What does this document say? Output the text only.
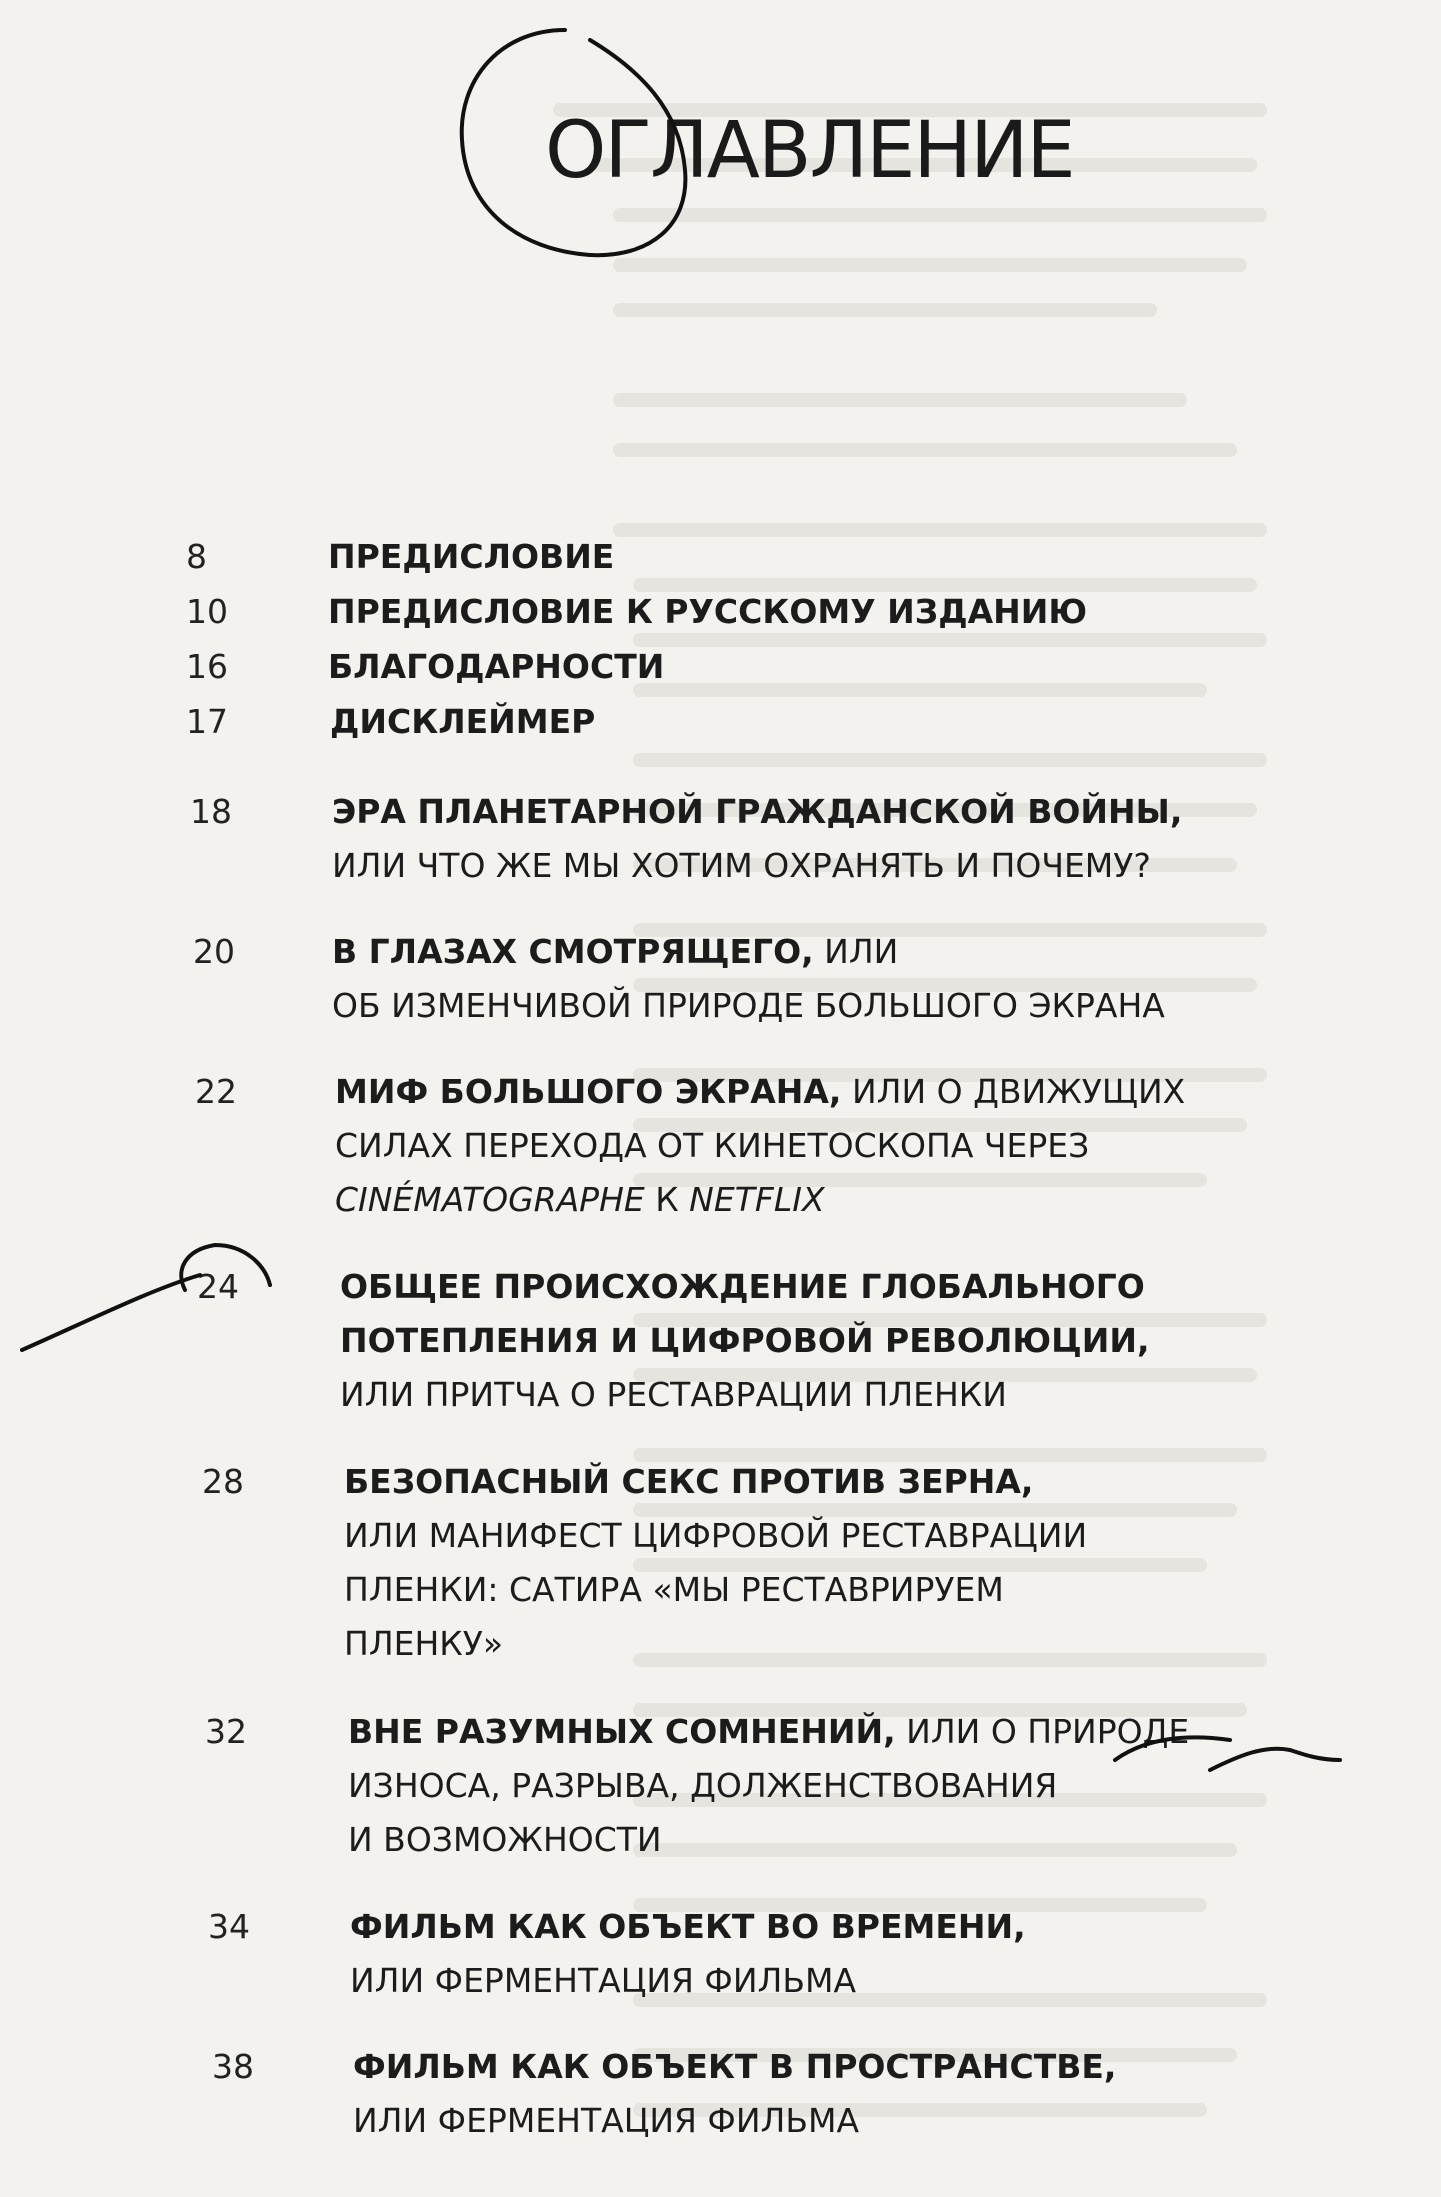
ОГЛАВЛЕНИЕ
8	ПРЕДИСЛОВИЕ
10	ПРЕДИСЛОВИЕ К РУССКОМУ ИЗДАНИЮ
16	БЛАГОДАРНОСТИ
17	ДИСКЛЕЙМЕР
18	ЭРА ПЛАНЕТАРНОЙ ГРАЖДАНСКОЙ ВОЙНЫ,
ИЛИ ЧТО ЖЕ МЫ ХОТИМ ОХРАНЯТЬ И ПОЧЕМУ?
20	В ГЛАЗАХ СМОТРЯЩЕГО, ИЛИ
ОБ ИЗМЕНЧИВОЙ ПРИРОДЕ БОЛЬШОГО ЭКРАНА
22	МИФ БОЛЬШОГО ЭКРАНА, ИЛИ О ДВИЖУЩИХ
СИЛАХ ПЕРЕХОДА ОТ КИНЕТОСКОПА ЧЕРЕЗ
CINÉMATOGRAPHE К NETFLIX
24	ОБЩЕЕ ПРОИСХОЖДЕНИЕ ГЛОБАЛЬНОГО
ПОТЕПЛЕНИЯ И ЦИФРОВОЙ РЕВОЛЮЦИИ,
ИЛИ ПРИТЧА О РЕСТАВРАЦИИ ПЛЕНКИ
28	БЕЗОПАСНЫЙ СЕКС ПРОТИВ ЗЕРНА,
ИЛИ МАНИФЕСТ ЦИФРОВОЙ РЕСТАВРАЦИИ
ПЛЕНКИ: САТИРА «МЫ РЕСТАВРИРУЕМ
ПЛЕНКУ»
32	ВНЕ РАЗУМНЫХ СОМНЕНИЙ, ИЛИ О ПРИРОДЕ
ИЗНОСА, РАЗРЫВА, ДОЛЖЕНСТВОВАНИЯ
И ВОЗМОЖНОСТИ
34	ФИЛЬМ КАК ОБЪЕКТ ВО ВРЕМЕНИ,
ИЛИ ФЕРМЕНТАЦИЯ ФИЛЬМА
38	ФИЛЬМ КАК ОБЪЕКТ В ПРОСТРАНСТВЕ,
ИЛИ ФЕРМЕНТАЦИЯ ФИЛЬМА
